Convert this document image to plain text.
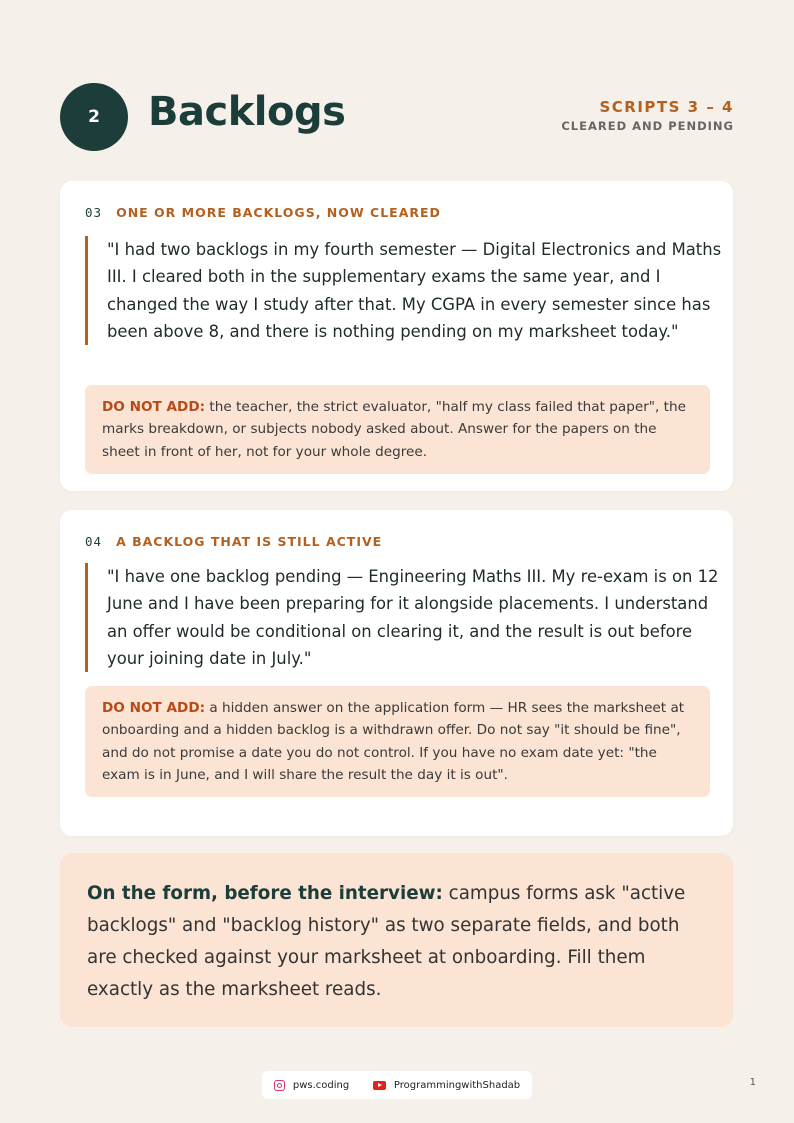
2	Backlogs	SCRIPTS 3 – 4
CLEARED AND PENDING
03 ONE OR MORE BACKLOGS, NOW CLEARED
"I had two backlogs in my fourth semester — Digital Electronics and Maths III. I cleared both in the supplementary exams the same year, and I changed the way I study after that. My CGPA in every semester since has been above 8, and there is nothing pending on my marksheet today."
DO NOT ADD: the teacher, the strict evaluator, "half my class failed that paper", the marks breakdown, or subjects nobody asked about. Answer for the papers on the sheet in front of her, not for your whole degree.
04 A BACKLOG THAT IS STILL ACTIVE
"I have one backlog pending — Engineering Maths III. My re-exam is on 12 June and I have been preparing for it alongside placements. I understand an offer would be conditional on clearing it, and the result is out before your joining date in July."
DO NOT ADD: a hidden answer on the application form — HR sees the marksheet at onboarding and a hidden backlog is a withdrawn offer. Do not say "it should be fine", and do not promise a date you do not control. If you have no exam date yet: "the exam is in June, and I will share the result the day it is out".
On the form, before the interview: campus forms ask "active backlogs" and "backlog history" as two separate fields, and both are checked against your marksheet at onboarding. Fill them exactly as the marksheet reads.
pws.coding	ProgrammingwithShadab	1
